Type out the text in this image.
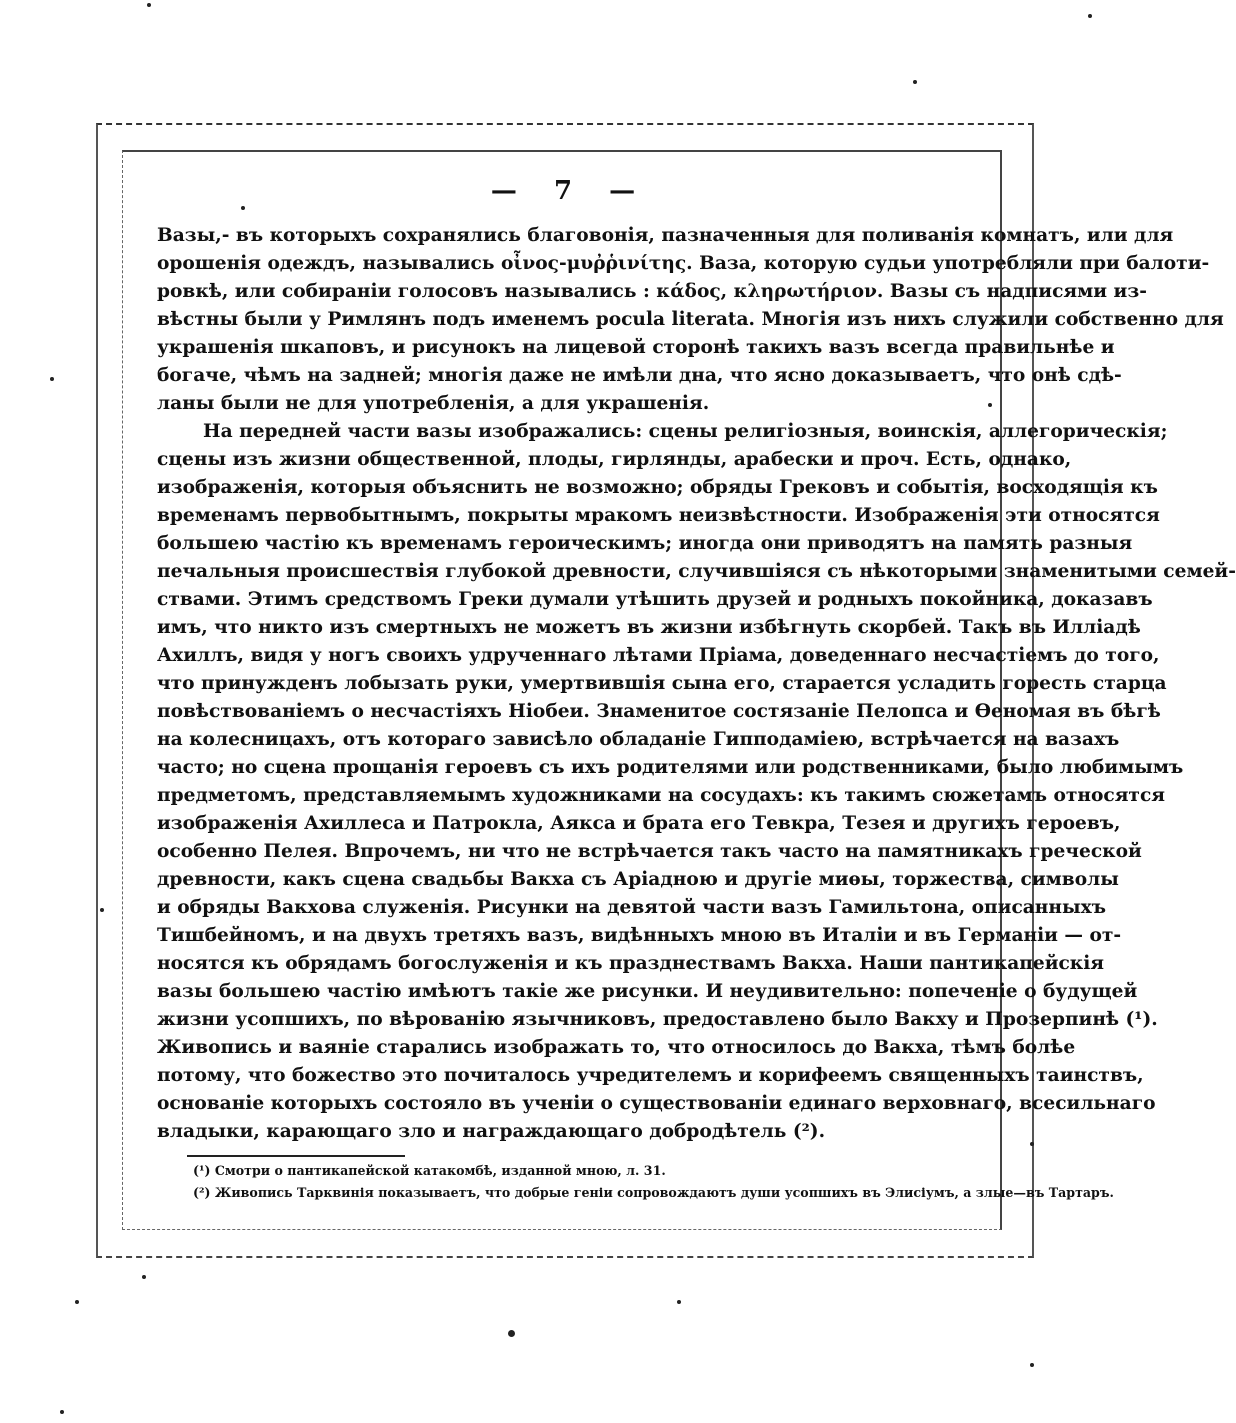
— 7 —
Вазы,- въ которыхъ сохранялись благовонія, пазначенныя для поливанія комнатъ, или для
орошенія одеждъ, назывались οἶνος-μυῤῥινίτης. Ваза, которую судьи употребляли при балоти-
ровкѣ, или собираніи голосовъ назывались : κάδος, κληρωτήριον. Вазы съ надписями из-
вѣстны были у Римлянъ подъ именемъ pocula literata. Многія изъ нихъ служили собственно для
украшенія шкаповъ, и рисунокъ на лицевой сторонѣ такихъ вазъ всегда правильнѣе и
богаче, чѣмъ на задней; многія даже не имѣли дна, что ясно доказываетъ, что онѣ сдѣ-
ланы были не для употребленія, а для украшенія.
На передней части вазы изображались: сцены религіозныя, воинскія, аллегорическія;
сцены изъ жизни общественной, плоды, гирлянды, арабески и проч. Есть, однако,
изображенія, которыя объяснить не возможно; обряды Грековъ и событія, восходящія къ
временамъ первобытнымъ, покрыты мракомъ неизвѣстности. Изображенія эти относятся
большею частію къ временамъ героическимъ; иногда они приводятъ на память разныя
печальныя происшествія глубокой древности, случившіяся съ нѣкоторыми знаменитыми семей-
ствами. Этимъ средствомъ Греки думали утѣшить друзей и родныхъ покойника, доказавъ
имъ, что никто изъ смертныхъ не можетъ въ жизни избѣгнуть скорбей. Такъ въ Илліадѣ
Ахиллъ, видя у ногъ своихъ удрученнаго лѣтами Пріама, доведеннаго несчастіемъ до того,
что принужденъ лобызать руки, умертвившія сына его, старается усладить горесть старца
повѣствованіемъ о несчастіяхъ Ніобеи. Знаменитое состязаніе Пелопса и Ѳеномая въ бѣгѣ
на колесницахъ, отъ котораго зависѣло обладаніе Гипподаміею, встрѣчается на вазахъ
часто; но сцена прощанія героевъ съ ихъ родителями или родственниками, было любимымъ
предметомъ, представляемымъ художниками на сосудахъ: къ такимъ сюжетамъ относятся
изображенія Ахиллеса и Патрокла, Аякса и брата его Тевкра, Тезея и другихъ героевъ,
особенно Пелея. Впрочемъ, ни что не встрѣчается такъ часто на памятникахъ греческой
древности, какъ сцена свадьбы Вакха съ Аріадною и другіе миѳы, торжества, символы
и обряды Вакхова служенія. Рисунки на девятой части вазъ Гамильтона, описанныхъ
Тишбейномъ, и на двухъ третяхъ вазъ, видѣнныхъ мною въ Италіи и въ Германіи — от-
носятся къ обрядамъ богослуженія и къ празднествамъ Вакха. Наши пантикапейскія
вазы большею частію имѣютъ такіе же рисунки. И неудивительно: попеченіе о будущей
жизни усопшихъ, по вѣрованію язычниковъ, предоставлено было Вакху и Прозерпинѣ (¹).
Живопись и ваяніе старались изображать то, что относилось до Вакха, тѣмъ болѣе
потому, что божество это почиталось учредителемъ и корифеемъ священныхъ таинствъ,
основаніе которыхъ состояло въ ученіи о существованіи единаго верховнаго, всесильнаго
владыки, карающаго зло и награждающаго добродѣтель (²).
(¹) Смотри о пантикапейской катакомбѣ, изданной мною, л. 31.
(²) Живопись Тарквинія показываетъ, что добрые геніи сопровождаютъ души усопшихъ въ Элисіумъ, а злые—въ Тартаръ.
